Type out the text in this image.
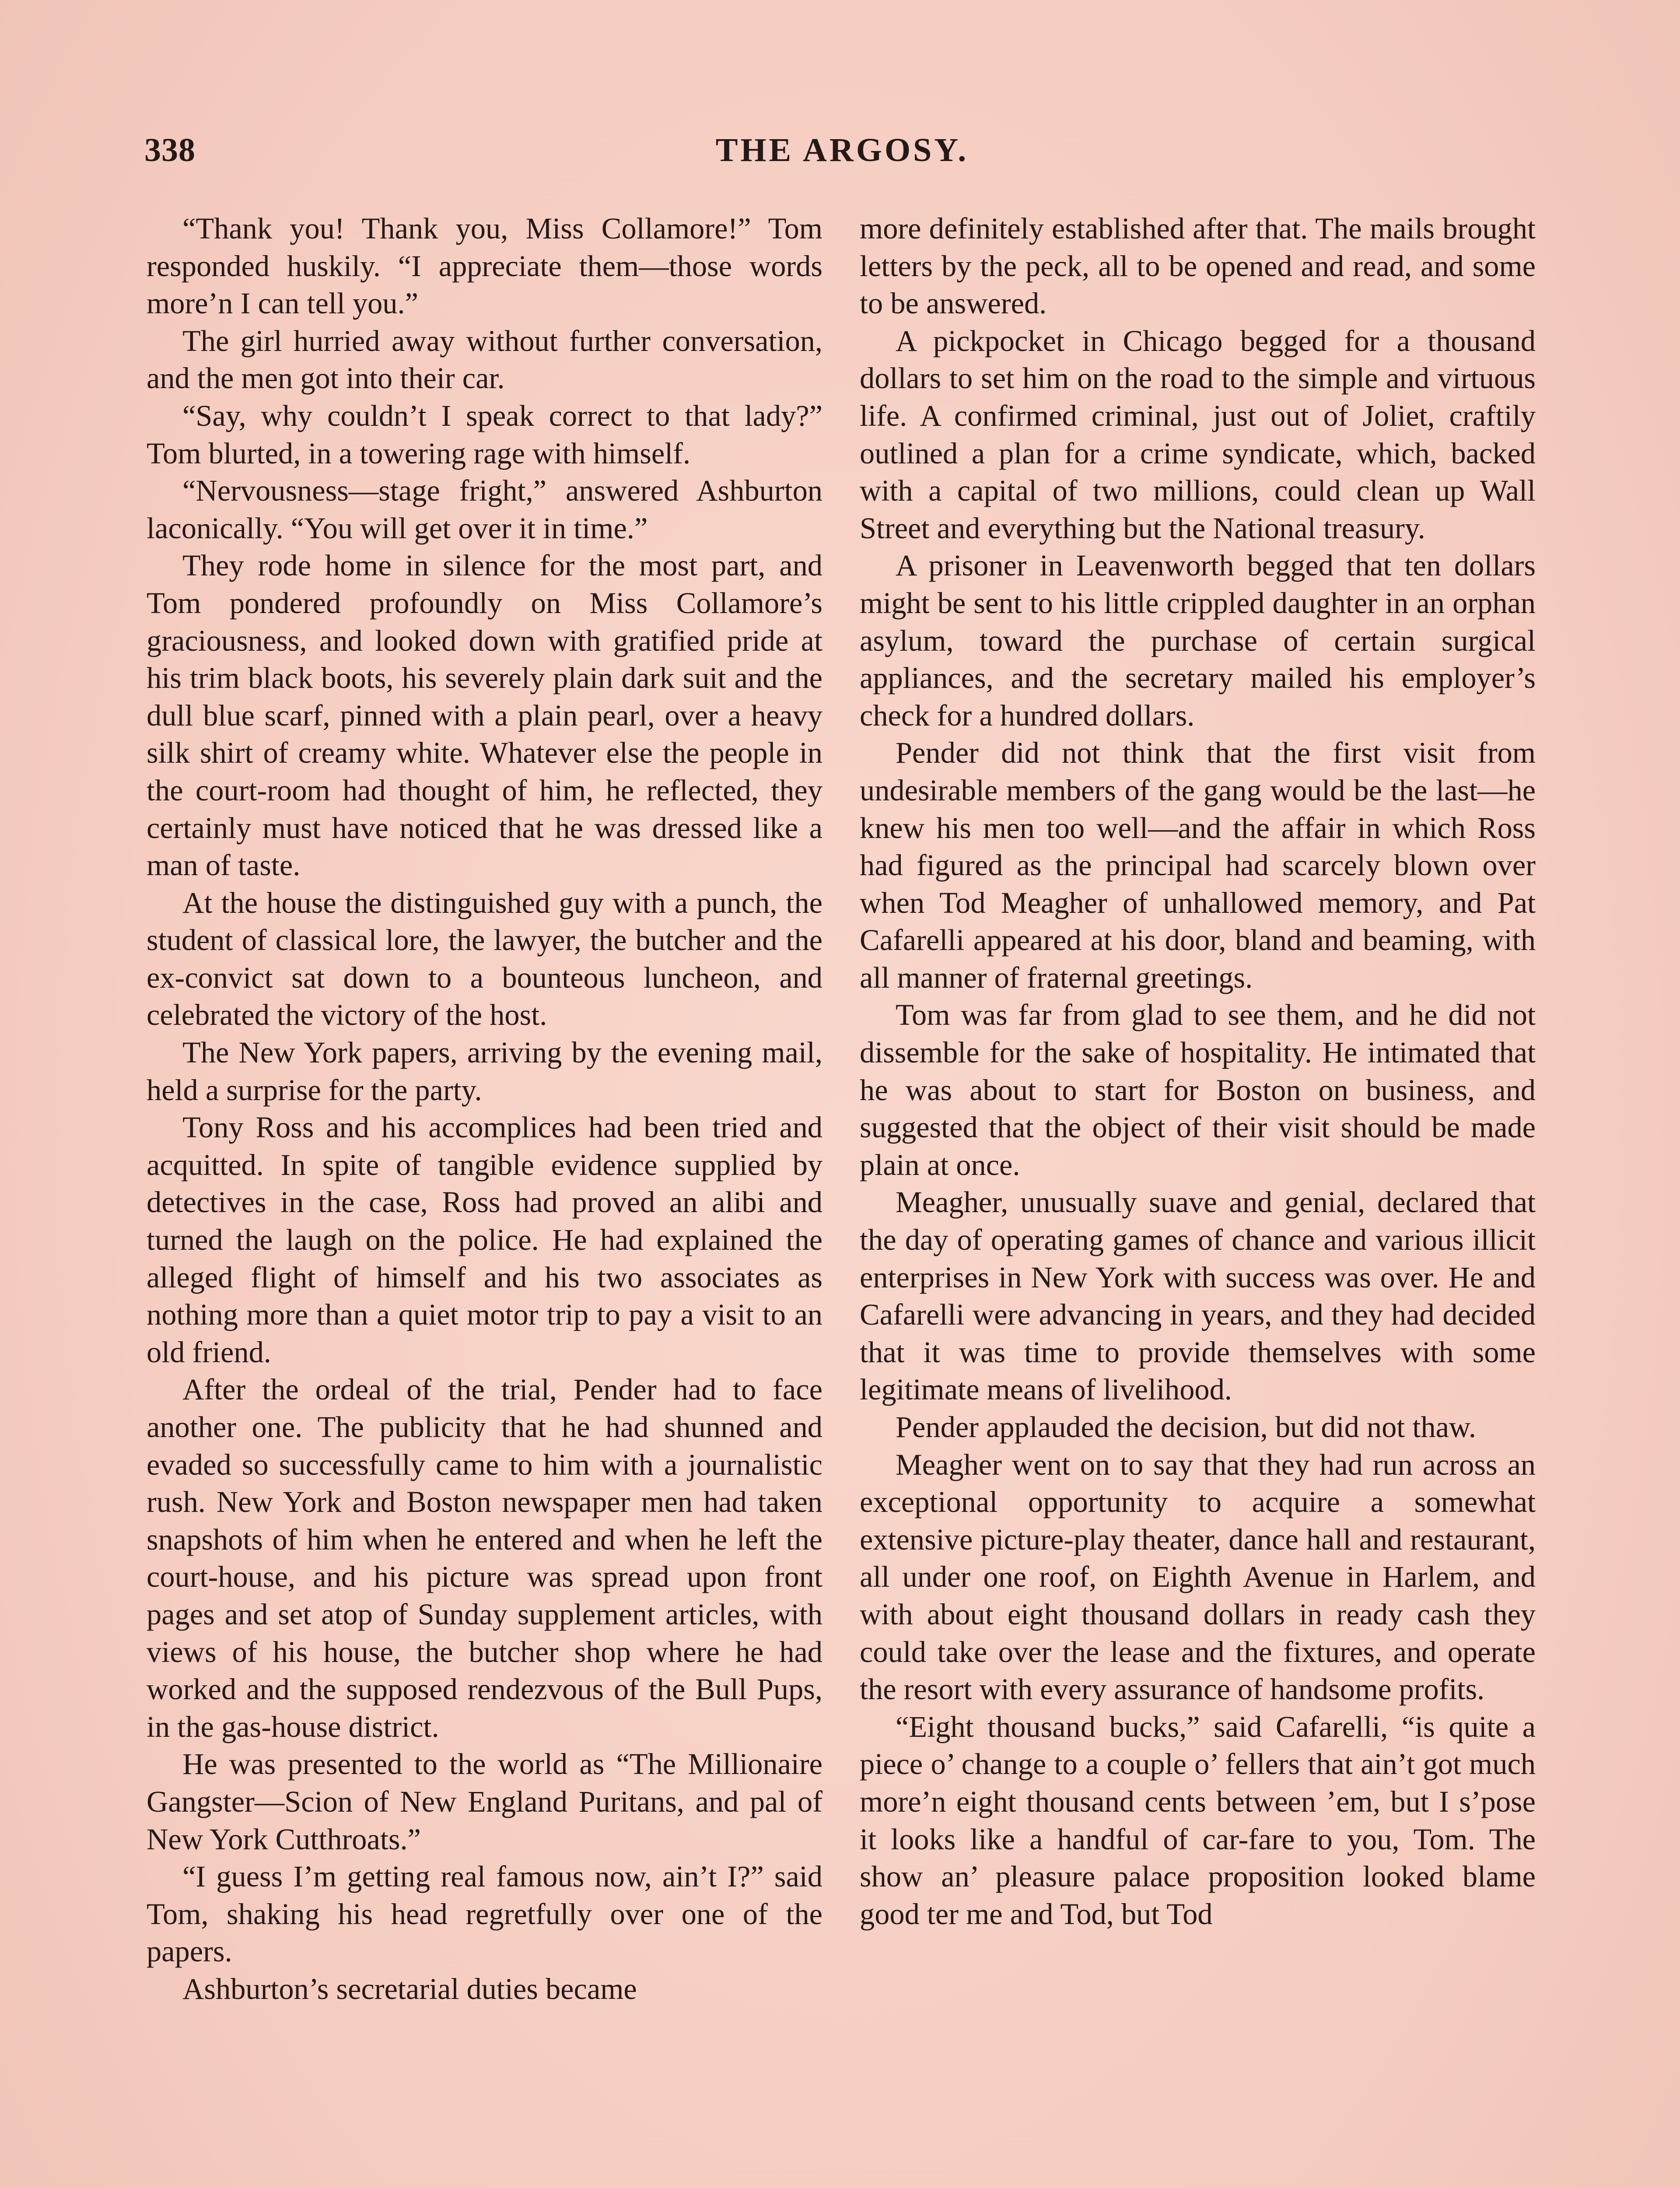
338	THE ARGOSY.

“Thank you! Thank you, Miss Collamore!” Tom responded huskily. “I appreciate them—those words more’n I can tell you.”

The girl hurried away without further conversation, and the men got into their car.

“Say, why couldn’t I speak correct to that lady?” Tom blurted, in a towering rage with himself.

“Nervousness—stage fright,” answered Ashburton laconically. “You will get over it in time.”

They rode home in silence for the most part, and Tom pondered profoundly on Miss Collamore’s graciousness, and looked down with gratified pride at his trim black boots, his severely plain dark suit and the dull blue scarf, pinned with a plain pearl, over a heavy silk shirt of creamy white. Whatever else the people in the court-room had thought of him, he reflected, they certainly must have noticed that he was dressed like a man of taste.

At the house the distinguished guy with a punch, the student of classical lore, the lawyer, the butcher and the ex-convict sat down to a bounteous luncheon, and celebrated the victory of the host.

The New York papers, arriving by the evening mail, held a surprise for the party.

Tony Ross and his accomplices had been tried and acquitted. In spite of tangible evidence supplied by detectives in the case, Ross had proved an alibi and turned the laugh on the police. He had explained the alleged flight of himself and his two associates as nothing more than a quiet motor trip to pay a visit to an old friend.

After the ordeal of the trial, Pender had to face another one. The publicity that he had shunned and evaded so successfully came to him with a journalistic rush. New York and Boston newspaper men had taken snapshots of him when he entered and when he left the court-house, and his picture was spread upon front pages and set atop of Sunday supplement articles, with views of his house, the butcher shop where he had worked and the supposed rendezvous of the Bull Pups, in the gas-house district.

He was presented to the world as “The Millionaire Gangster—Scion of New England Puritans, and pal of New York Cutthroats.”

“I guess I’m getting real famous now, ain’t I?” said Tom, shaking his head regretfully over one of the papers.

Ashburton’s secretarial duties became

more definitely established after that. The mails brought letters by the peck, all to be opened and read, and some to be answered.

A pickpocket in Chicago begged for a thousand dollars to set him on the road to the simple and virtuous life. A confirmed criminal, just out of Joliet, craftily outlined a plan for a crime syndicate, which, backed with a capital of two millions, could clean up Wall Street and everything but the National treasury.

A prisoner in Leavenworth begged that ten dollars might be sent to his little crippled daughter in an orphan asylum, toward the purchase of certain surgical appliances, and the secretary mailed his employer’s check for a hundred dollars.

Pender did not think that the first visit from undesirable members of the gang would be the last—he knew his men too well—and the affair in which Ross had figured as the principal had scarcely blown over when Tod Meagher of unhallowed memory, and Pat Cafarelli appeared at his door, bland and beaming, with all manner of fraternal greetings.

Tom was far from glad to see them, and he did not dissemble for the sake of hospitality. He intimated that he was about to start for Boston on business, and suggested that the object of their visit should be made plain at once.

Meagher, unusually suave and genial, declared that the day of operating games of chance and various illicit enterprises in New York with success was over. He and Cafarelli were advancing in years, and they had decided that it was time to provide themselves with some legitimate means of livelihood.

Pender applauded the decision, but did not thaw.

Meagher went on to say that they had run across an exceptional opportunity to acquire a somewhat extensive picture-play theater, dance hall and restaurant, all under one roof, on Eighth Avenue in Harlem, and with about eight thousand dollars in ready cash they could take over the lease and the fixtures, and operate the resort with every assurance of handsome profits.

“Eight thousand bucks,” said Cafarelli, “is quite a piece o’ change to a couple o’ fellers that ain’t got much more’n eight thousand cents between ’em, but I s’pose it looks like a handful of car-fare to you, Tom. The show an’ pleasure palace proposition looked blame good ter me and Tod, but Tod
